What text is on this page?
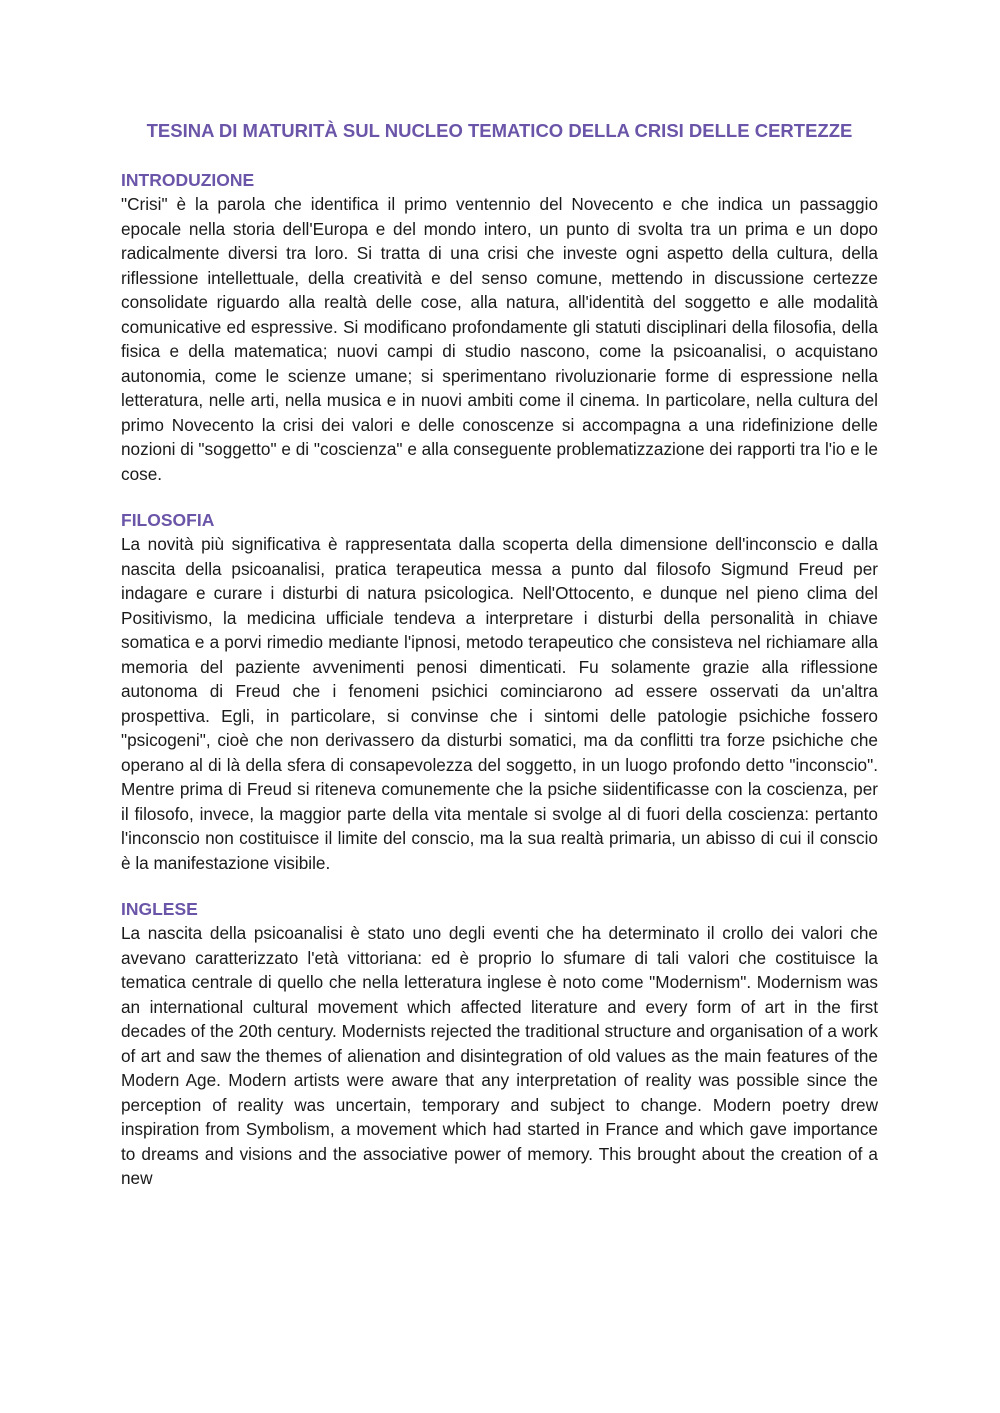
TESINA DI MATURITÀ SUL NUCLEO TEMATICO DELLA CRISI DELLE CERTEZZE
INTRODUZIONE

"Crisi" è la parola che identifica il primo ventennio del Novecento e che indica un passaggio epocale nella storia dell'Europa e del mondo intero, un punto di svolta tra un prima e un dopo radicalmente diversi tra loro. Si tratta di una crisi che investe ogni aspetto della cultura, della riflessione intellettuale, della creatività e del senso comune, mettendo in discussione certezze consolidate riguardo alla realtà delle cose, alla natura, all'identità del soggetto e alle modalità comunicative ed espressive. Si modificano profondamente gli statuti disciplinari della filosofia, della fisica e della matematica; nuovi campi di studio nascono, come la psicoanalisi, o acquistano autonomia, come le scienze umane; si sperimentano rivoluzionarie forme di espressione nella letteratura, nelle arti, nella musica e in nuovi ambiti come il cinema. In particolare, nella cultura del primo Novecento la crisi dei valori e delle conoscenze si accompagna a una ridefinizione delle nozioni di "soggetto" e di "coscienza" e alla conseguente problematizzazione dei rapporti tra l'io e le cose.

FILOSOFIA

La novità più significativa è rappresentata dalla scoperta della dimensione dell'inconscio e dalla nascita della psicoanalisi, pratica terapeutica messa a punto dal filosofo Sigmund Freud per indagare e curare i disturbi di natura psicologica. Nell'Ottocento, e dunque nel pieno clima del Positivismo, la medicina ufficiale tendeva a interpretare i disturbi della personalità in chiave somatica e a porvi rimedio mediante l'ipnosi, metodo terapeutico che consisteva nel richiamare alla memoria del paziente avvenimenti penosi dimenticati. Fu solamente grazie alla riflessione autonoma di Freud che i fenomeni psichici cominciarono ad essere osservati da un'altra prospettiva. Egli, in particolare, si convinse che i sintomi delle patologie psichiche fossero "psicogeni", cioè che non derivassero da disturbi somatici, ma da conflitti tra forze psichiche che operano al di là della sfera di consapevolezza del soggetto, in un luogo profondo detto "inconscio". Mentre prima di Freud si riteneva comunemente che la psiche siidentificasse con la coscienza, per il filosofo, invece, la maggior parte della vita mentale si svolge al di fuori della coscienza: pertanto l'inconscio non costituisce il limite del conscio, ma la sua realtà primaria, un abisso di cui il conscio è la manifestazione visibile.

INGLESE

La nascita della psicoanalisi è stato uno degli eventi che ha determinato il crollo dei valori che avevano caratterizzato l'età vittoriana: ed è proprio lo sfumare di tali valori che costituisce la tematica centrale di quello che nella letteratura inglese è noto come "Modernism". Modernism was an international cultural movement which affected literature and every form of art in the first decades of the 20th century. Modernists rejected the traditional structure and organisation of a work of art and saw the themes of alienation and disintegration of old values as the main features of the Modern Age. Modern artists were aware that any interpretation of reality was possible since the perception of reality was uncertain, temporary and subject to change. Modern poetry drew inspiration from Symbolism, a movement which had started in France and which gave importance to dreams and visions and the associative power of memory. This brought about the creation of a new
